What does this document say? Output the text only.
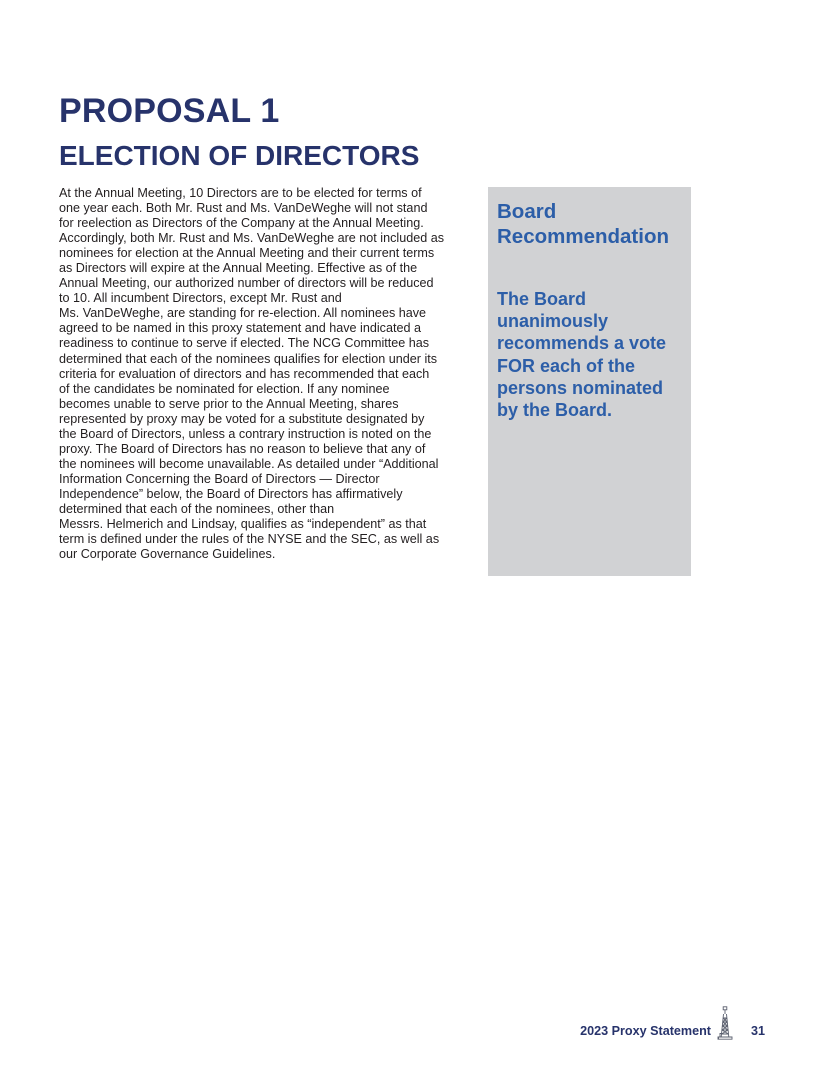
PROPOSAL 1
ELECTION OF DIRECTORS
At the Annual Meeting, 10 Directors are to be elected for terms of
one year each. Both Mr. Rust and Ms. VanDeWeghe will not stand
for reelection as Directors of the Company at the Annual Meeting.
Accordingly, both Mr. Rust and Ms. VanDeWeghe are not included as
nominees for election at the Annual Meeting and their current terms
as Directors will expire at the Annual Meeting. Effective as of the
Annual Meeting, our authorized number of directors will be reduced
to 10. All incumbent Directors, except Mr. Rust and
Ms. VanDeWeghe, are standing for re-election. All nominees have
agreed to be named in this proxy statement and have indicated a
readiness to continue to serve if elected. The NCG Committee has
determined that each of the nominees qualifies for election under its
criteria for evaluation of directors and has recommended that each
of the candidates be nominated for election. If any nominee
becomes unable to serve prior to the Annual Meeting, shares
represented by proxy may be voted for a substitute designated by
the Board of Directors, unless a contrary instruction is noted on the
proxy. The Board of Directors has no reason to believe that any of
the nominees will become unavailable. As detailed under “Additional
Information Concerning the Board of Directors — Director
Independence” below, the Board of Directors has affirmatively
determined that each of the nominees, other than
Messrs. Helmerich and Lindsay, qualifies as “independent” as that
term is defined under the rules of the NYSE and the SEC, as well as
our Corporate Governance Guidelines.
Board
Recommendation

The Board
unanimously
recommends a vote
FOR each of the
persons nominated
by the Board.

2023 Proxy Statement	31
